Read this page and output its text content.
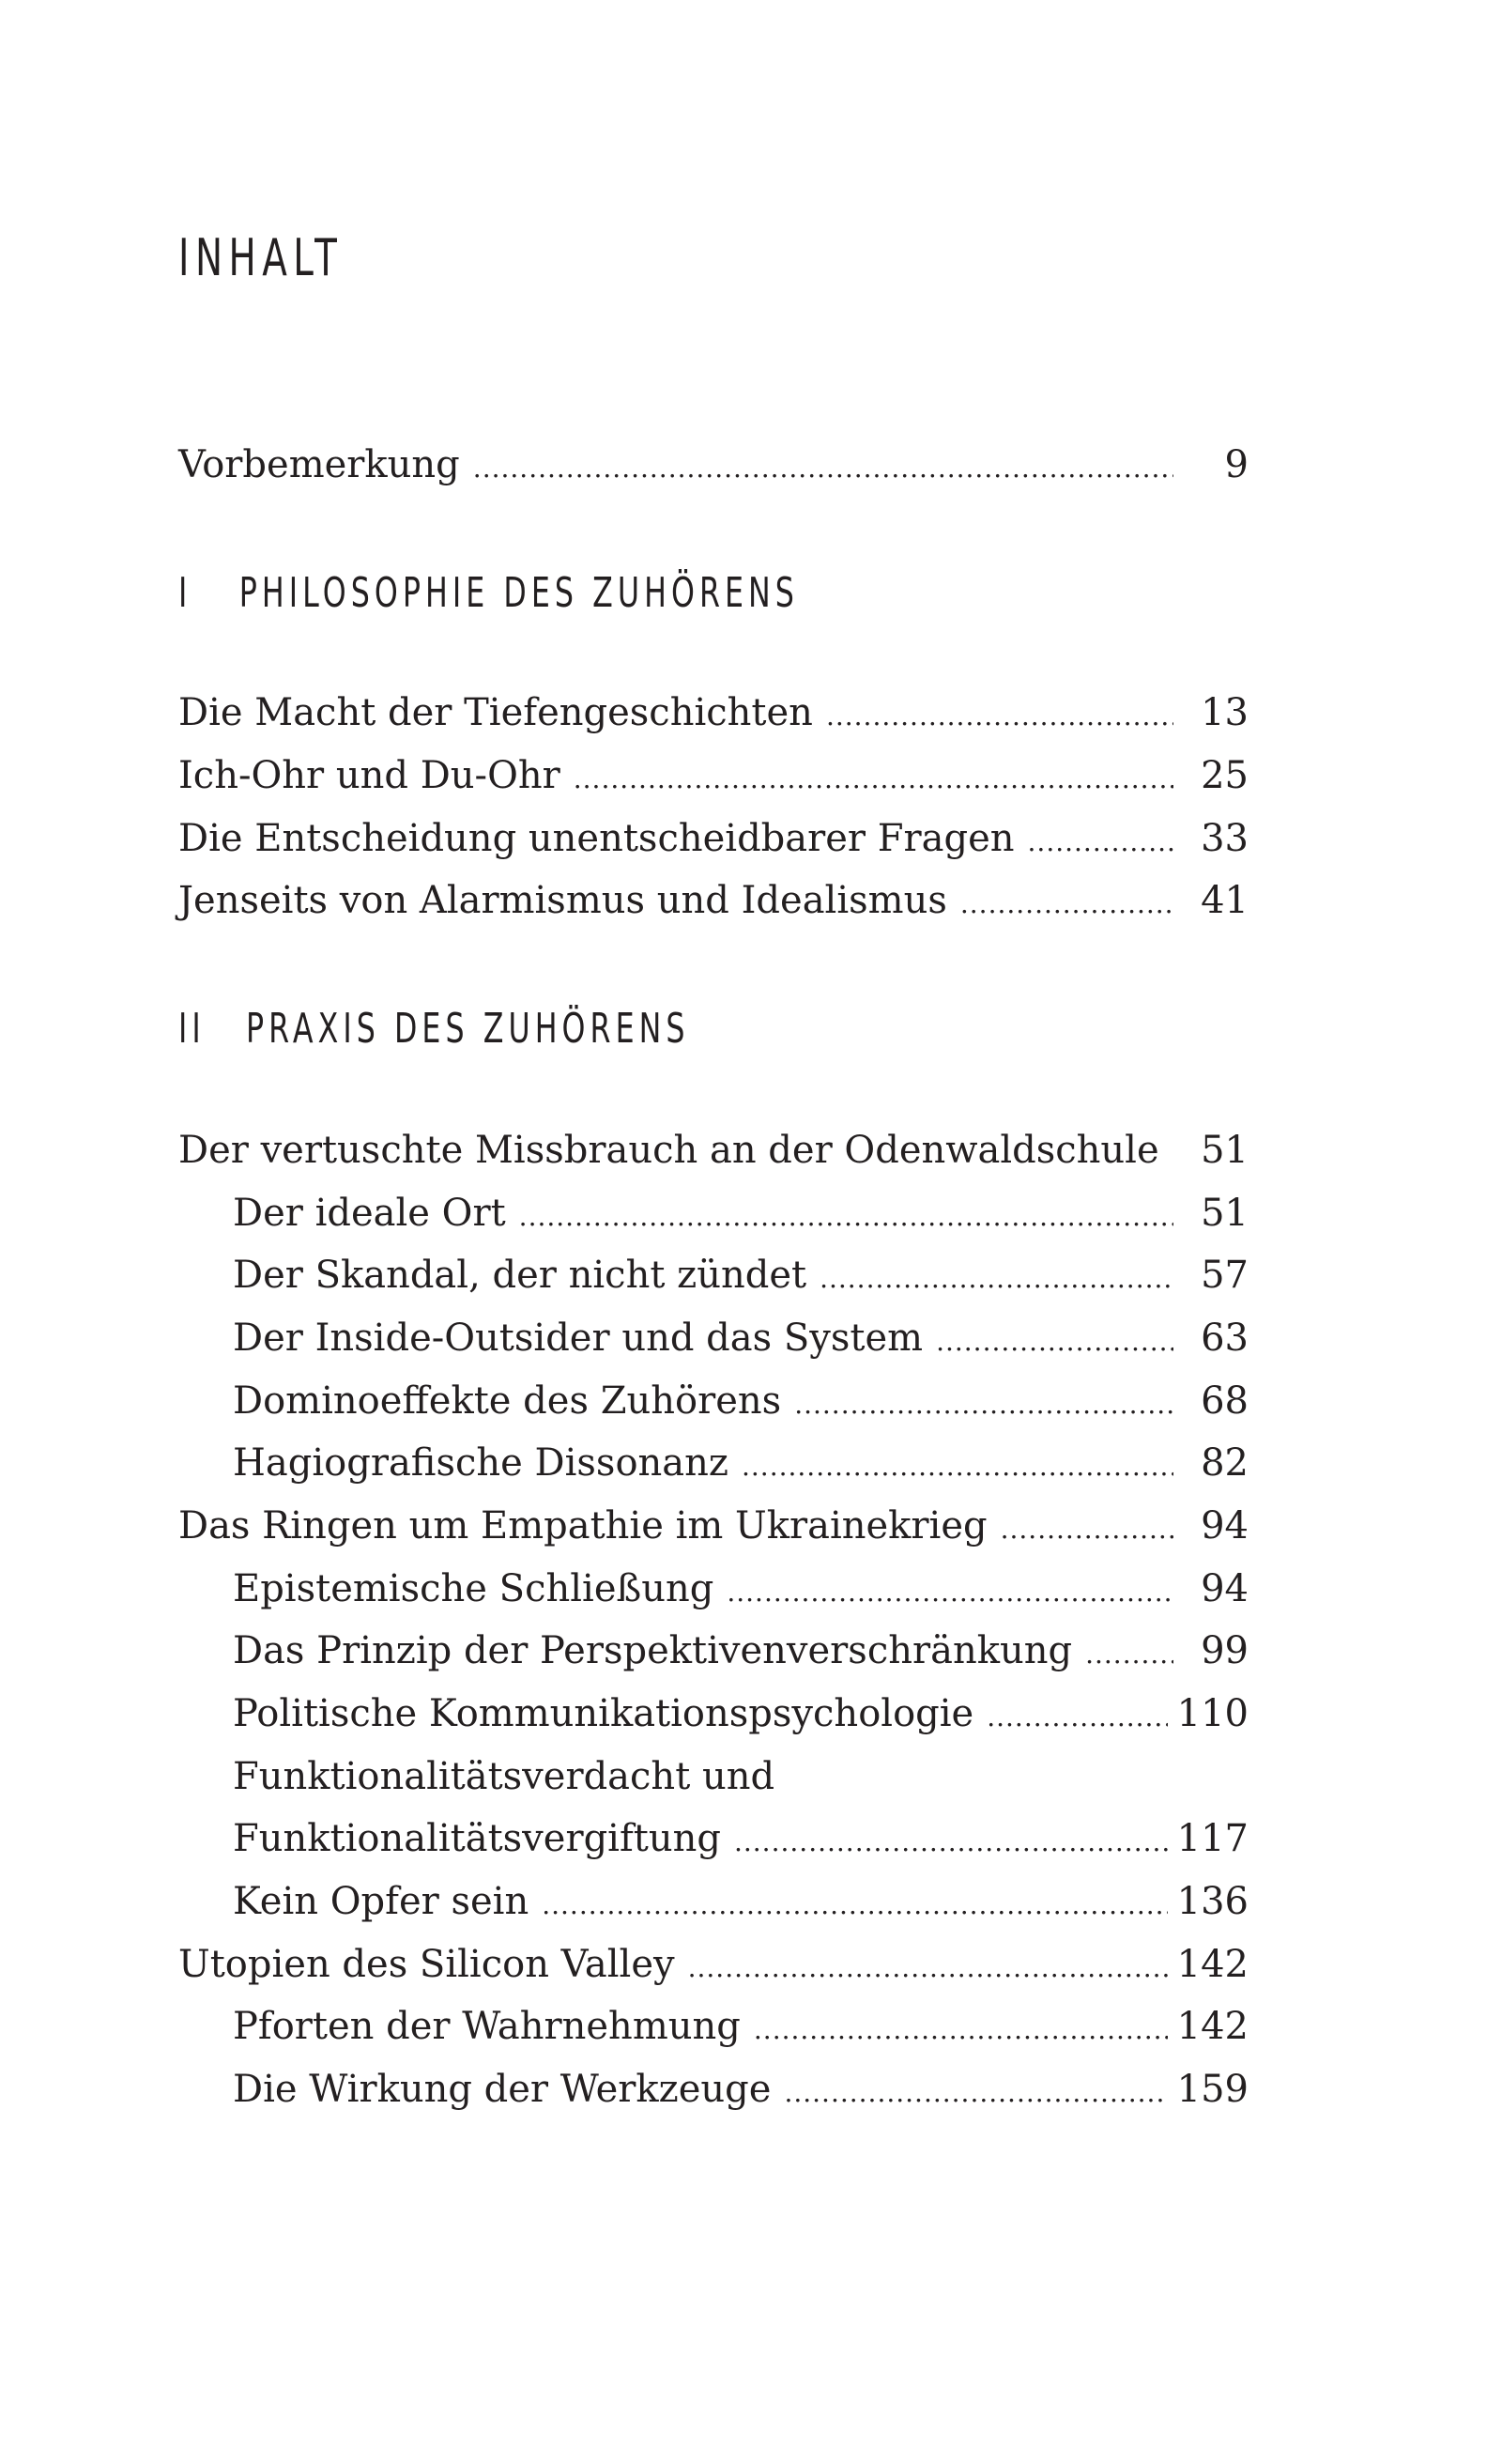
INHALT
Vorbemerkung .....	9
I PHILOSOPHIE DES ZUHÖRENS
Die Macht der Tiefengeschichten .....	13
Ich-Ohr und Du-Ohr .....	25
Die Entscheidung unentscheidbarer Fragen .....	33
Jenseits von Alarmismus und Idealismus .....	41
II PRAXIS DES ZUHÖRENS
Der vertuschte Missbrauch an der Odenwaldschule .....	51
Der ideale Ort .....	51
Der Skandal, der nicht zündet .....	57
Der Inside-Outsider und das System .....	63
Dominoeffekte des Zuhörens .....	68
Hagiografische Dissonanz .....	82
Das Ringen um Empathie im Ukrainekrieg .....	94
Epistemische Schließung .....	94
Das Prinzip der Perspektivenverschränkung .....	99
Politische Kommunikationspsychologie .....	110
Funktionalitätsverdacht und
Funktionalitätsvergiftung .....	117
Kein Opfer sein .....	136
Utopien des Silicon Valley .....	142
Pforten der Wahrnehmung .....	142
Die Wirkung der Werkzeuge .....	159
